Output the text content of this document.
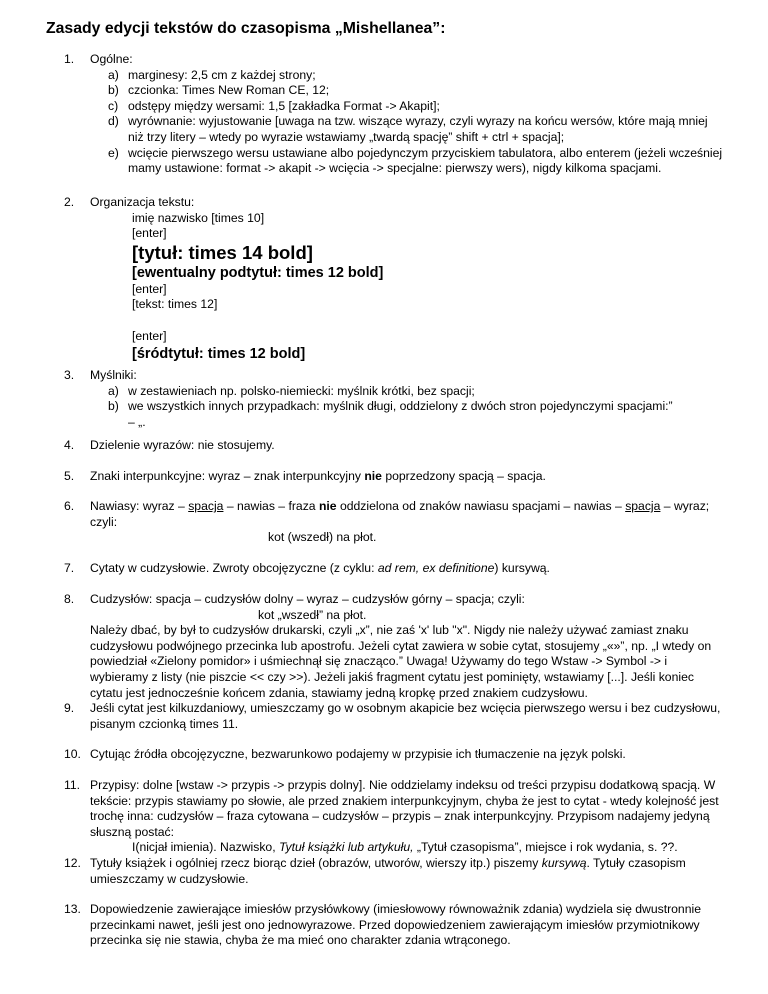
Zasady edycji tekstów do czasopisma „Mishellanea”:
1.	Ogólne:

a) marginesy: 2,5 cm z każdej strony;
b) czcionka: Times New Roman CE, 12;
c) odstępy między wersami: 1,5 [zakładka Format -> Akapit];
d) wyrównanie: wyjustowanie [uwaga na tzw. wiszące wyrazy, czyli wyrazy na końcu wersów, które mają mniej niż trzy litery – wtedy po wyrazie wstawiamy „twardą spację” shift + ctrl + spacja];
e) wcięcie pierwszego wersu ustawiane albo pojedynczym przyciskiem tabulatora, albo enterem (jeżeli wcześniej mamy ustawione: format -> akapit -> wcięcia -> specjalne: pierwszy wers), nigdy kilkoma spacjami.
2.	Organizacja tekstu:

imię nazwisko [times 10]

[enter]

[tytuł: times 14 bold]

[ewentualny podtytuł: times 12 bold]

[enter]

[tekst: times 12]

[enter]

[śródtytuł: times 12 bold]

3.	Myślniki:

a) w zestawieniach np. polsko-niemiecki: myślnik krótki, bez spacji;
b) we wszystkich innych przypadkach: myślnik długi, oddzielony z dwóch stron pojedynczymi spacjami:”
– „.
4.	Dzielenie wyrazów: nie stosujemy.

5.	Znaki interpunkcyjne: wyraz – znak interpunkcyjny nie poprzedzony spacją – spacja.

6.	Nawiasy: wyraz – spacja – nawias – fraza nie oddzielona od znaków nawiasu spacjami – nawias – spacja – wyraz; czyli:

kot (wszedł) na płot.

7.	Cytaty w cudzysłowie. Zwroty obcojęzyczne (z cyklu: ad rem, ex definitione) kursywą.

8.	Cudzysłów: spacja – cudzysłów dolny – wyraz – cudzysłów górny – spacja; czyli:

kot „wszedł” na płot.

Należy dbać, by był to cudzysłów drukarski, czyli „x”, nie zaś 'x' lub "x". Nigdy nie należy używać zamiast znaku cudzysłowu podwójnego przecinka lub apostrofu. Jeżeli cytat zawiera w sobie cytat, stosujemy „«»”, np. „I wtedy on powiedział «Zielony pomidor» i uśmiechnął się znacząco.” Uwaga! Używamy do tego Wstaw -> Symbol -> i wybieramy z listy (nie piszcie << czy >>). Jeżeli jakiś fragment cytatu jest pominięty, wstawiamy [...]. Jeśli koniec cytatu jest jednocześnie końcem zdania, stawiamy jedną kropkę przed znakiem cudzysłowu.

9.	Jeśli cytat jest kilkuzdaniowy, umieszczamy go w osobnym akapicie bez wcięcia pierwszego wersu i bez cudzysłowu, pisanym czcionką times 11.

10. Cytując źródła obcojęzyczne, bezwarunkowo podajemy w przypisie ich tłumaczenie na język polski.

11. Przypisy: dolne [wstaw -> przypis -> przypis dolny]. Nie oddzielamy indeksu od treści przypisu dodatkową spacją. W tekście: przypis stawiamy po słowie, ale przed znakiem interpunkcyjnym, chyba że jest to cytat - wtedy kolejność jest trochę inna: cudzysłów – fraza cytowana – cudzysłów – przypis – znak interpunkcyjny. Przypisom nadajemy jedyną słuszną postać:

I(nicjał imienia). Nazwisko, Tytuł książki lub artykułu, „Tytuł czasopisma”, miejsce i rok wydania, s. ??.

12. Tytuły książek i ogólniej rzecz biorąc dzieł (obrazów, utworów, wierszy itp.) piszemy kursywą. Tytuły czasopism umieszczamy w cudzysłowie.

13. Dopowiedzenie zawierające imiesłów przysłówkowy (imiesłowowy równoważnik zdania) wydziela się dwustronnie przecinkami nawet, jeśli jest ono jednowyrazowe. Przed dopowiedzeniem zawierającym imiesłów przymiotnikowy przecinka się nie stawia, chyba że ma mieć ono charakter zdania wtrąconego.
